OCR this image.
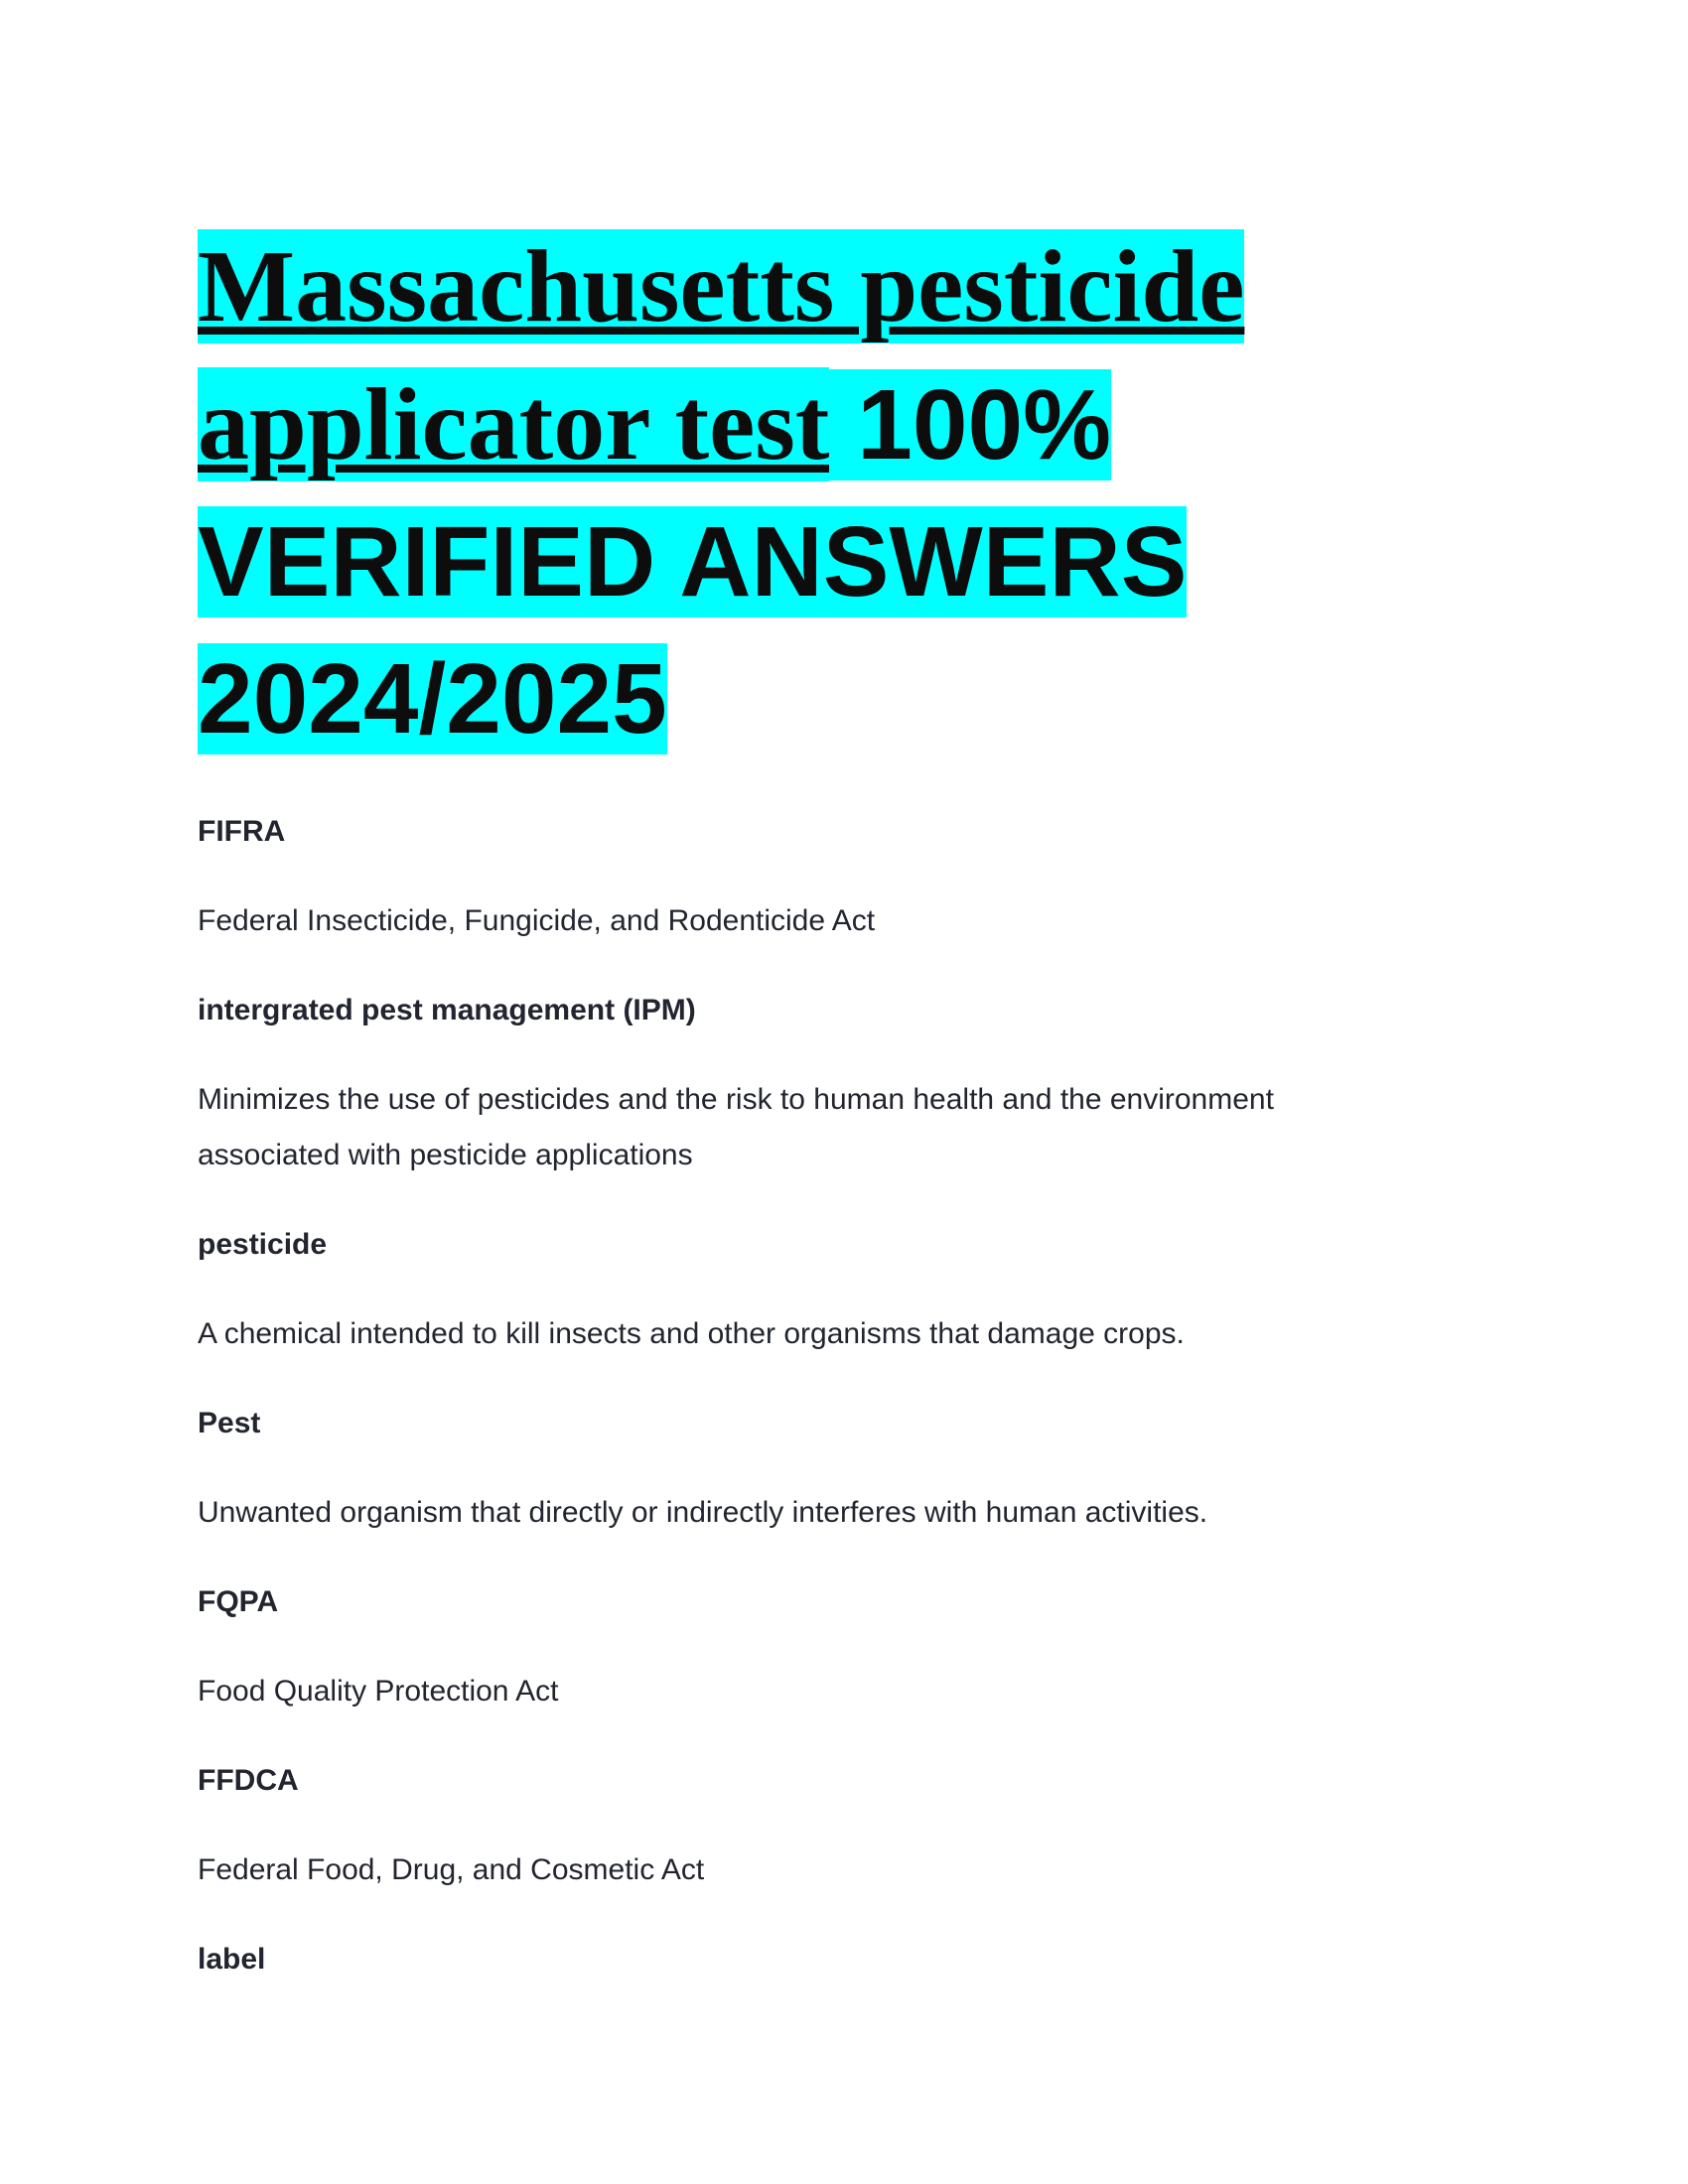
Massachusetts pesticide applicator test 100% VERIFIED ANSWERS 2024/2025

FIFRA

Federal Insecticide, Fungicide, and Rodenticide Act

intergrated pest management (IPM)

Minimizes the use of pesticides and the risk to human health and the environment associated with pesticide applications

pesticide

A chemical intended to kill insects and other organisms that damage crops.

Pest

Unwanted organism that directly or indirectly interferes with human activities.

FQPA

Food Quality Protection Act

FFDCA

Federal Food, Drug, and Cosmetic Act

label
